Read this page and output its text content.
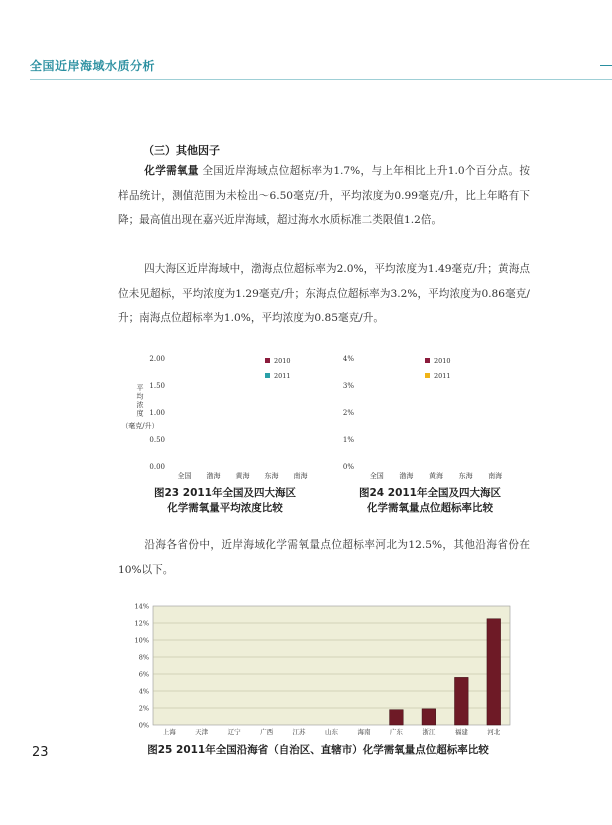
全国近岸海域水质分析
（三）其他因子
化学需氧量 全国近岸海域点位超标率为1.7%，与上年相比上升1.0个百分点。按样品统计，测值范围为未检出～6.50毫克/升，平均浓度为0.99毫克/升，比上年略有下降；最高值出现在嘉兴近岸海域，超过海水水质标准二类限值1.2倍。
四大海区近岸海域中，渤海点位超标率为2.0%，平均浓度为1.49毫克/升；黄海点位未见超标，平均浓度为1.29毫克/升；东海点位超标率为3.2%，平均浓度为0.86毫克/升；南海点位超标率为1.0%，平均浓度为0.85毫克/升。
0.00
0.50
1.00
1.50
2.00
全国 渤海 黄海 东海 南海
2010
2011
平
均
浓
度
（毫克/升）
图23 2011年全国及四大海区
化学需氧量平均浓度比较
0%
1%
2%
3%
4%
全国 渤海 黄海 东海 南海
2010
2011
图24 2011年全国及四大海区
化学需氧量点位超标率比较
沿海各省份中，近岸海域化学需氧量点位超标率河北为12.5%，其他沿海省份在10%以下。
0%
2%
4%
6%
8%
10%
12%
14%
上海	天津	辽宁	广西	江苏	山东	海南	广东	浙江	福建	河北
图25 2011年全国沿海省（自治区、直辖市）化学需氧量点位超标率比较
23
